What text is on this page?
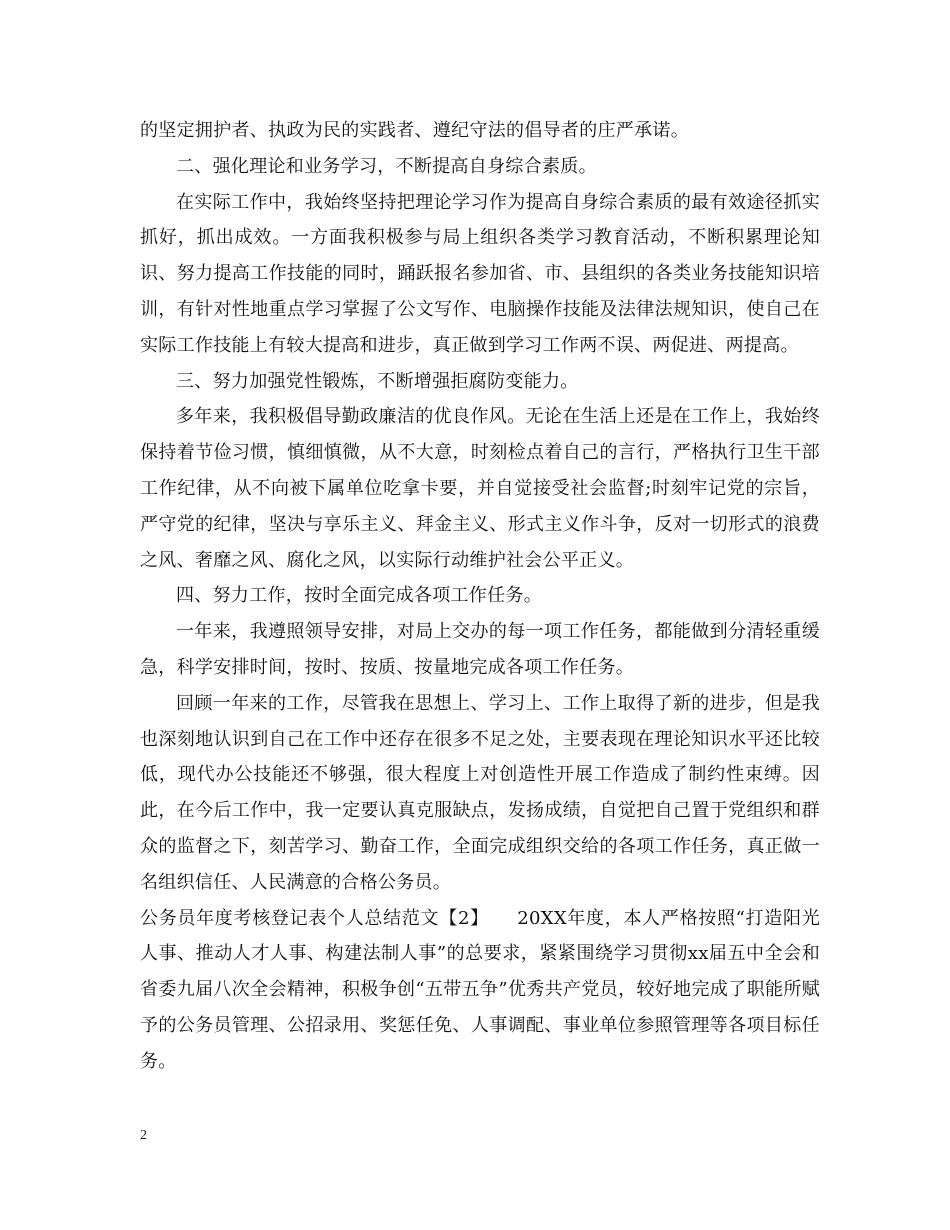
的坚定拥护者、执政为民的实践者、遵纪守法的倡导者的庄严承诺。

二、强化理论和业务学习，不断提高自身综合素质。

在实际工作中，我始终坚持把理论学习作为提高自身综合素质的最有效途径抓实抓好，抓出成效。一方面我积极参与局上组织各类学习教育活动，不断积累理论知识、努力提高工作技能的同时，踊跃报名参加省、市、县组织的各类业务技能知识培训，有针对性地重点学习掌握了公文写作、电脑操作技能及法律法规知识，使自己在实际工作技能上有较大提高和进步，真正做到学习工作两不误、两促进、两提高。

三、努力加强党性锻炼，不断增强拒腐防变能力。

多年来，我积极倡导勤政廉洁的优良作风。无论在生活上还是在工作上，我始终保持着节俭习惯，慎细慎微，从不大意，时刻检点着自己的言行，严格执行卫生干部工作纪律，从不向被下属单位吃拿卡要，并自觉接受社会监督;时刻牢记党的宗旨，严守党的纪律，坚决与享乐主义、拜金主义、形式主义作斗争，反对一切形式的浪费之风、奢靡之风、腐化之风，以实际行动维护社会公平正义。

四、努力工作，按时全面完成各项工作任务。

一年来，我遵照领导安排，对局上交办的每一项工作任务，都能做到分清轻重缓急，科学安排时间，按时、按质、按量地完成各项工作任务。

回顾一年来的工作，尽管我在思想上、学习上、工作上取得了新的进步，但是我也深刻地认识到自己在工作中还存在很多不足之处，主要表现在理论知识水平还比较低，现代办公技能还不够强，很大程度上对创造性开展工作造成了制约性束缚。因此，在今后工作中，我一定要认真克服缺点，发扬成绩，自觉把自己置于党组织和群众的监督之下，刻苦学习、勤奋工作，全面完成组织交给的各项工作任务，真正做一名组织信任、人民满意的合格公务员。

公务员年度考核登记表个人总结范文【2】　　20XX年度，本人严格按照“打造阳光人事、推动人才人事、构建法制人事”的总要求，紧紧围绕学习贯彻xx届五中全会和省委九届八次全会精神，积极争创“五带五争”优秀共产党员，较好地完成了职能所赋予的公务员管理、公招录用、奖惩任免、人事调配、事业单位参照管理等各项目标任务。

2
